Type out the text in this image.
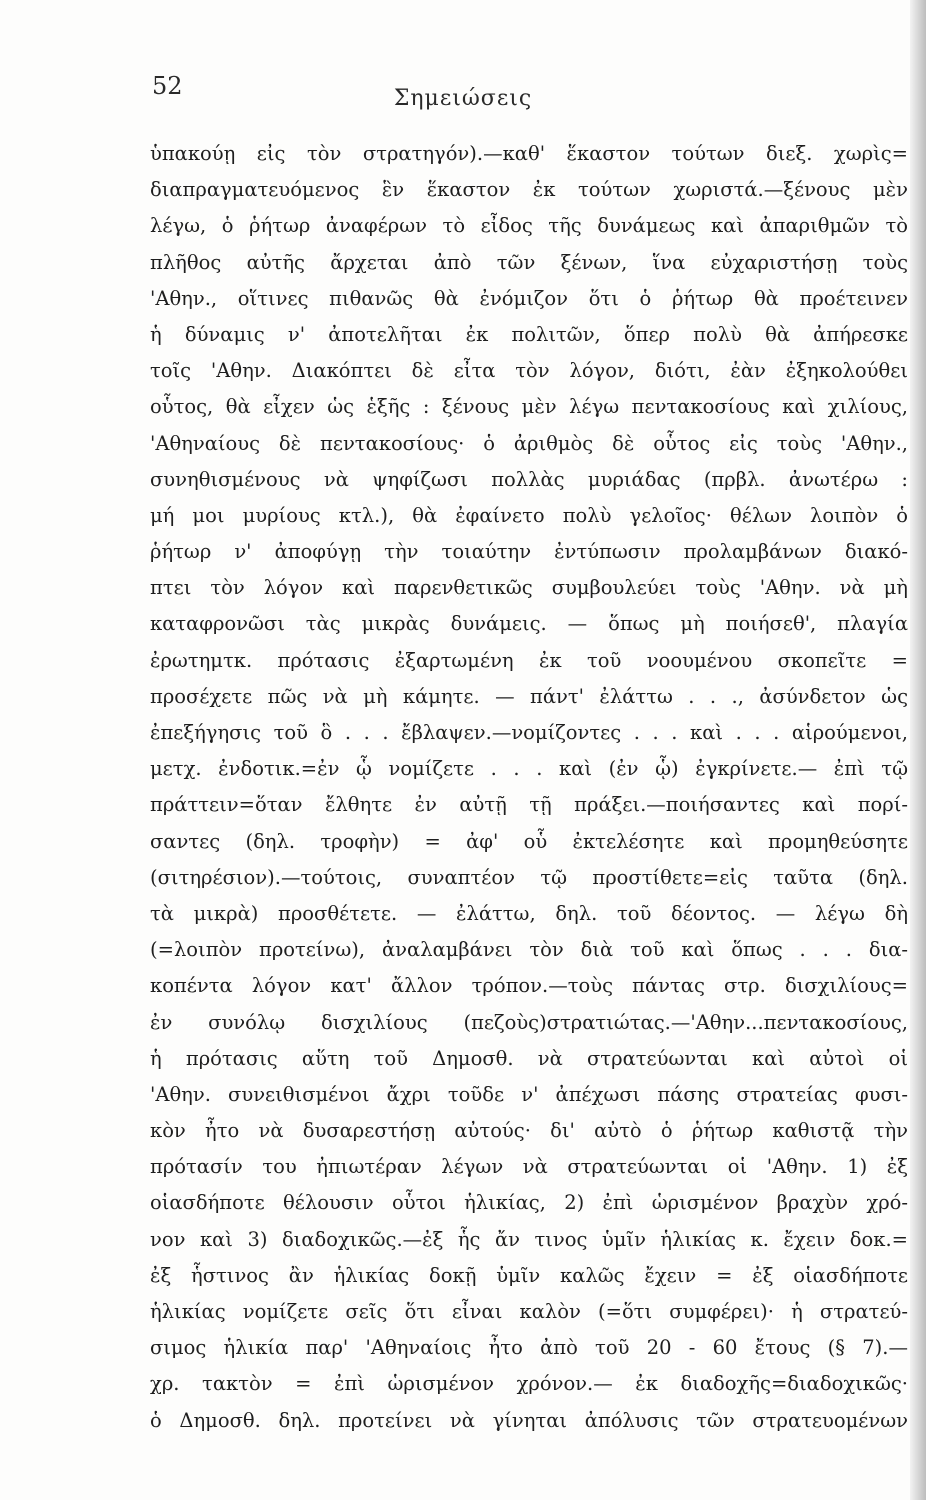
52	Σημειώσεις
ὑπακούῃ εἰς τὸν στρατηγόν).—καθ' ἕκαστον τούτων διεξ. χωρὶς=
διαπραγματευόμενος ἓν ἕκαστον ἐκ τούτων χωριστά.—ξένους μὲν
λέγω, ὁ ῥήτωρ ἀναφέρων τὸ εἶδος τῆς δυνάμεως καὶ ἀπαριθμῶν τὸ
πλῆθος αὐτῆς ἄρχεται ἀπὸ τῶν ξένων, ἵνα εὐχαριστήσῃ τοὺς
'Αθην., οἵτινες πιθανῶς θὰ ἐνόμιζον ὅτι ὁ ῥήτωρ θὰ προέτεινεν
ἡ δύναμις ν' ἀποτελῆται ἐκ πολιτῶν, ὅπερ πολὺ θὰ ἀπήρεσκε
τοῖς 'Αθην. Διακόπτει δὲ εἶτα τὸν λόγον, διότι, ἐὰν ἐξηκολούθει
οὗτος, θὰ εἶχεν ὡς ἑξῆς : ξένους μὲν λέγω πεντακοσίους καὶ χιλίους,
'Αθηναίους δὲ πεντακοσίους· ὁ ἀριθμὸς δὲ οὗτος εἰς τοὺς 'Αθην.,
συνηθισμένους νὰ ψηφίζωσι πολλὰς μυριάδας (πρβλ. ἀνωτέρω :
μή μοι μυρίους κτλ.), θὰ ἐφαίνετο πολὺ γελοῖος· θέλων λοιπὸν ὁ
ῥήτωρ ν' ἀποφύγῃ τὴν τοιαύτην ἐντύπωσιν προλαμβάνων διακό-
πτει τὸν λόγον καὶ παρενθετικῶς συμβουλεύει τοὺς 'Αθην. νὰ μὴ
καταφρονῶσι τὰς μικρὰς δυνάμεις. — ὅπως μὴ ποιήσεθ', πλαγία
ἐρωτημτκ. πρότασις ἐξαρτωμένη ἐκ τοῦ νοουμένου σκοπεῖτε =
προσέχετε πῶς νὰ μὴ κάμητε. — πάντ' ἐλάττω . . ., ἀσύνδετον ὡς
ἐπεξήγησις τοῦ ὃ . . . ἔβλαψεν.—νομίζοντες . . . καὶ . . . αἱρούμενοι,
μετχ. ἐνδοτικ.=ἐν ᾧ νομίζετε . . . καὶ (ἐν ᾧ) ἐγκρίνετε.— ἐπὶ τῷ
πράττειν=ὅταν ἔλθητε ἐν αὐτῇ τῇ πράξει.—ποιήσαντες καὶ πορί-
σαντες (δηλ. τροφὴν) = ἀφ' οὗ ἐκτελέσητε καὶ προμηθεύσητε
(σιτηρέσιον).—τούτοις, συναπτέον τῷ προστίθετε=εἰς ταῦτα (δηλ.
τὰ μικρὰ) προσθέτετε. — ἐλάττω, δηλ. τοῦ δέοντος. — λέγω δὴ
(=λοιπὸν προτείνω), ἀναλαμβάνει τὸν διὰ τοῦ καὶ ὅπως . . . δια-
κοπέντα λόγον κατ' ἄλλον τρόπον.—τοὺς πάντας στρ. δισχιλίους=
ἐν συνόλῳ δισχιλίους (πεζοὺς)στρατιώτας.—'Αθην...πεντακοσίους,
ἡ πρότασις αὕτη τοῦ Δημοσθ. νὰ στρατεύωνται καὶ αὐτοὶ οἱ
'Αθην. συνειθισμένοι ἄχρι τοῦδε ν' ἀπέχωσι πάσης στρατείας φυσι-
κὸν ἦτο νὰ δυσαρεστήσῃ αὐτούς· δι' αὐτὸ ὁ ῥήτωρ καθιστᾷ τὴν
πρότασίν του ἠπιωτέραν λέγων νὰ στρατεύωνται οἱ 'Αθην. 1) ἐξ
οἱασδήποτε θέλουσιν οὗτοι ἡλικίας, 2) ἐπὶ ὡρισμένον βραχὺν χρό-
νον καὶ 3) διαδοχικῶς.—ἐξ ἧς ἄν τινος ὑμῖν ἡλικίας κ. ἔχειν δοκ.=
ἐξ ἧστινος ἂν ἡλικίας δοκῇ ὑμῖν καλῶς ἔχειν = ἐξ οἱασδήποτε
ἡλικίας νομίζετε σεῖς ὅτι εἶναι καλὸν (=ὅτι συμφέρει)· ἡ στρατεύ-
σιμος ἡλικία παρ' 'Αθηναίοις ἦτο ἀπὸ τοῦ 20 - 60 ἔτους (§ 7).—
χρ. τακτὸν = ἐπὶ ὡρισμένον χρόνον.— ἐκ διαδοχῆς=διαδοχικῶς·
ὁ Δημοσθ. δηλ. προτείνει νὰ γίνηται ἀπόλυσις τῶν στρατευομένων
